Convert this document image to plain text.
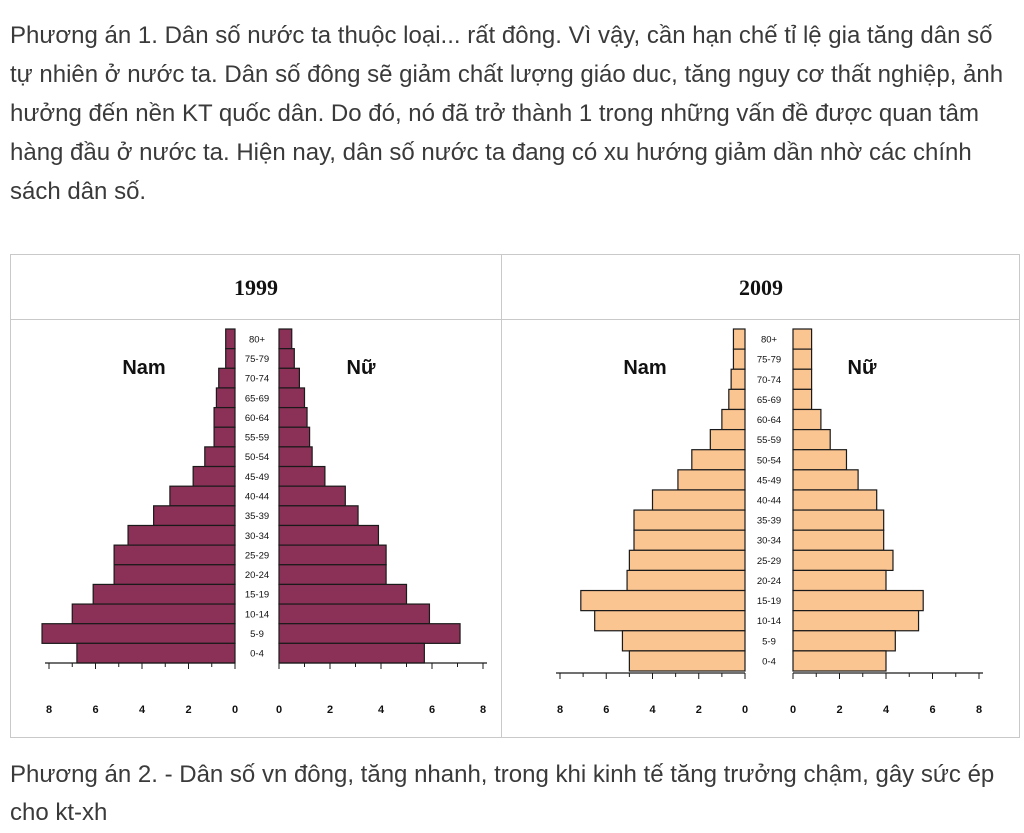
Phương án 1. Dân số nước ta thuộc loại... rất đông. Vì vậy, cần hạn chế tỉ lệ gia tăng dân số tự nhiên ở nước ta. Dân số đông sẽ giảm chất lượng giáo duc, tăng nguy cơ thất nghiệp, ảnh hưởng đến nền KT quốc dân. Do đó, nó đã trở thành 1 trong những vấn đề được quan tâm hàng đầu ở nước ta. Hiện nay, dân số nước ta đang có xu hướng giảm dần nhờ các chính sách dân số.

1999	2009
80+
75-79
70-74
65-69
60-64
55-59
50-54
45-49
40-44
35-39
30-34
25-29
20-24
15-19
10-14
5-9
0-4
8	6	4	2	0	0	2	4	6	8
Nam	Nữ
80+
75-79
70-74
65-69
60-64
55-59
50-54
45-49
40-44
35-39
30-34
25-29
20-24
15-19
10-14
5-9
0-4
8	6	4	2	0	0	2	4	6	8
Nam	Nữ

Phương án 2. - Dân số vn đông, tăng nhanh, trong khi kinh tế tăng trưởng chậm, gây sức ép cho kt-xh
